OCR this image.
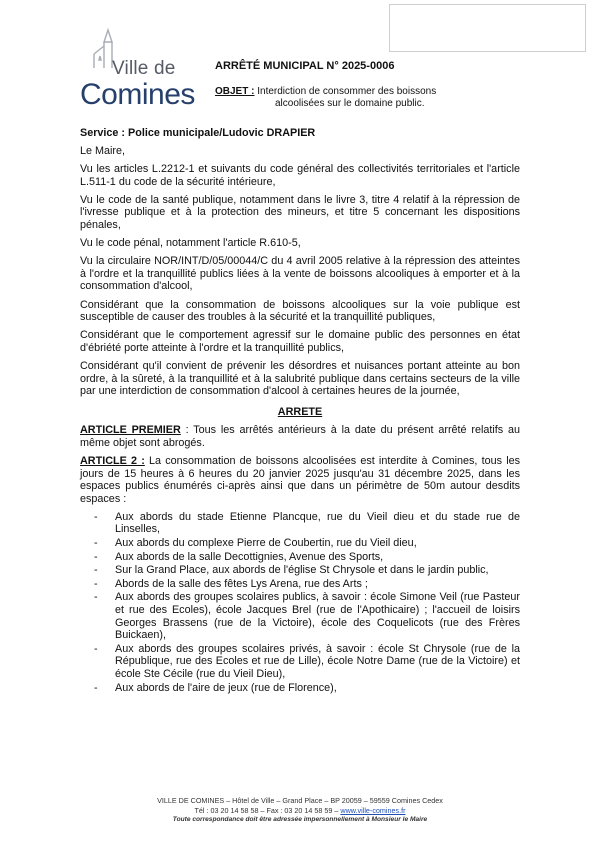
Ville de
Comines
ARRÊTÉ MUNICIPAL N° 2025-0006
OBJET : Interdiction de consommer des boissons
alcoolisées sur le domaine public.

Service : Police municipale/Ludovic DRAPIER

Le Maire,

Vu les articles L.2212-1 et suivants du code général des collectivités territoriales et l'article L.511-1 du code de la sécurité intérieure,

Vu le code de la santé publique, notamment dans le livre 3, titre 4 relatif à la répression de l'ivresse publique et à la protection des mineurs, et titre 5 concernant les dispositions pénales,

Vu le code pénal, notamment l'article R.610-5,

Vu la circulaire NOR/INT/D/05/00044/C du 4 avril 2005 relative à la répression des atteintes à l'ordre et la tranquillité publics liées à la vente de boissons alcooliques à emporter et à la consommation d'alcool,

Considérant que la consommation de boissons alcooliques sur la voie publique est susceptible de causer des troubles à la sécurité et la tranquillité publiques,

Considérant que le comportement agressif sur le domaine public des personnes en état d'ébriété porte atteinte à l'ordre et la tranquillité publics,

Considérant qu'il convient de prévenir les désordres et nuisances portant atteinte au bon ordre, à la sûreté, à la tranquillité et à la salubrité publique dans certains secteurs de la ville par une interdiction de consommation d'alcool à certaines heures de la journée,

ARRETE

ARTICLE PREMIER : Tous les arrêtés antérieurs à la date du présent arrêté relatifs au même objet sont abrogés.

ARTICLE 2 : La consommation de boissons alcoolisées est interdite à Comines, tous les jours de 15 heures à 6 heures du 20 janvier 2025 jusqu'au 31 décembre 2025, dans les espaces publics énumérés ci-après ainsi que dans un périmètre de 50m autour desdits espaces :

- Aux abords du stade Etienne Plancque, rue du Vieil dieu et du stade rue de Linselles,
- Aux abords du complexe Pierre de Coubertin, rue du Vieil dieu,
- Aux abords de la salle Decottignies, Avenue des Sports,
- Sur la Grand Place, aux abords de l'église St Chrysole et dans le jardin public,
- Abords de la salle des fêtes Lys Arena, rue des Arts ;
- Aux abords des groupes scolaires publics, à savoir : école Simone Veil (rue Pasteur et rue des Ecoles), école Jacques Brel (rue de l'Apothicaire) ; l'accueil de loisirs Georges Brassens (rue de la Victoire), école des Coquelicots (rue des Frères Buickaen),
- Aux abords des groupes scolaires privés, à savoir : école St Chrysole (rue de la République, rue des Ecoles et rue de Lille), école Notre Dame (rue de la Victoire) et école Ste Cécile (rue du Vieil Dieu),
- Aux abords de l'aire de jeux (rue de Florence),
VILLE DE COMINES – Hôtel de Ville – Grand Place – BP 20059 – 59559 Comines Cedex
Tél : 03 20 14 58 58 – Fax : 03 20 14 58 59 – www.ville-comines.fr
Toute correspondance doit être adressée impersonnellement à Monsieur le Maire
